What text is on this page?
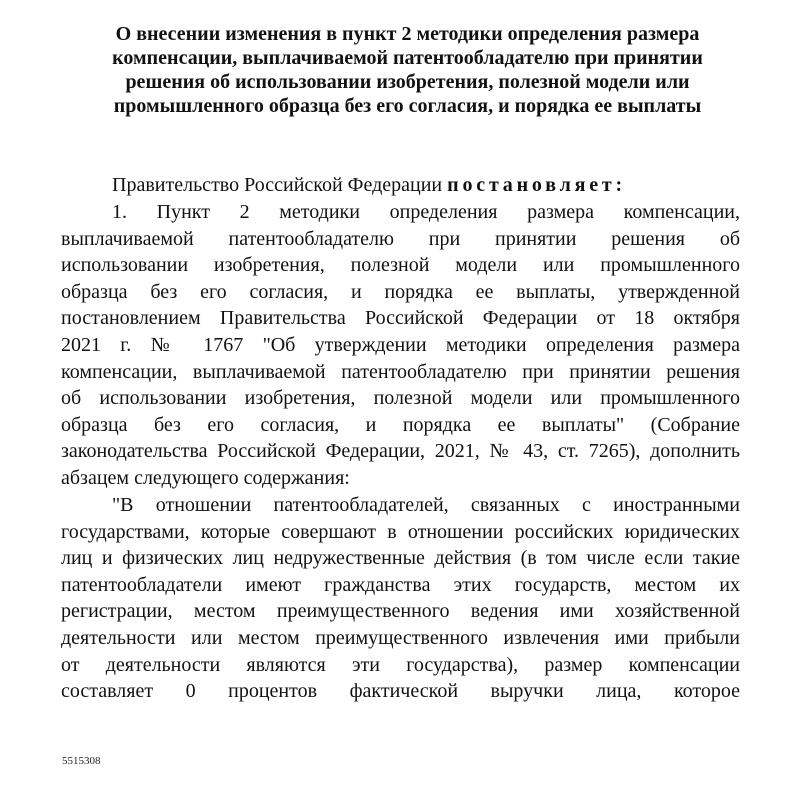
О внесении изменения в пункт 2 методики определения размера
компенсации, выплачиваемой патентообладателю при принятии
решения об использовании изобретения, полезной модели или
промышленного образца без его согласия, и порядка ее выплаты
Правительство Российской Федерации постановляет:
1. Пункт 2 методики определения размера компенсации,
выплачиваемой патентообладателю при принятии решения об
использовании изобретения, полезной модели или промышленного
образца без его согласия, и порядка ее выплаты, утвержденной
постановлением Правительства Российской Федерации от 18 октября
2021 г. № 1767 "Об утверждении методики определения размера
компенсации, выплачиваемой патентообладателю при принятии решения
об использовании изобретения, полезной модели или промышленного
образца без его согласия, и порядка ее выплаты" (Собрание
законодательства Российской Федерации, 2021, № 43, ст. 7265), дополнить
абзацем следующего содержания:
"В отношении патентообладателей, связанных с иностранными
государствами, которые совершают в отношении российских юридических
лиц и физических лиц недружественные действия (в том числе если такие
патентообладатели имеют гражданства этих государств, местом их
регистрации, местом преимущественного ведения ими хозяйственной
деятельности или местом преимущественного извлечения ими прибыли
от деятельности являются эти государства), размер компенсации
составляет 0 процентов фактической выручки лица, которое
5515308
